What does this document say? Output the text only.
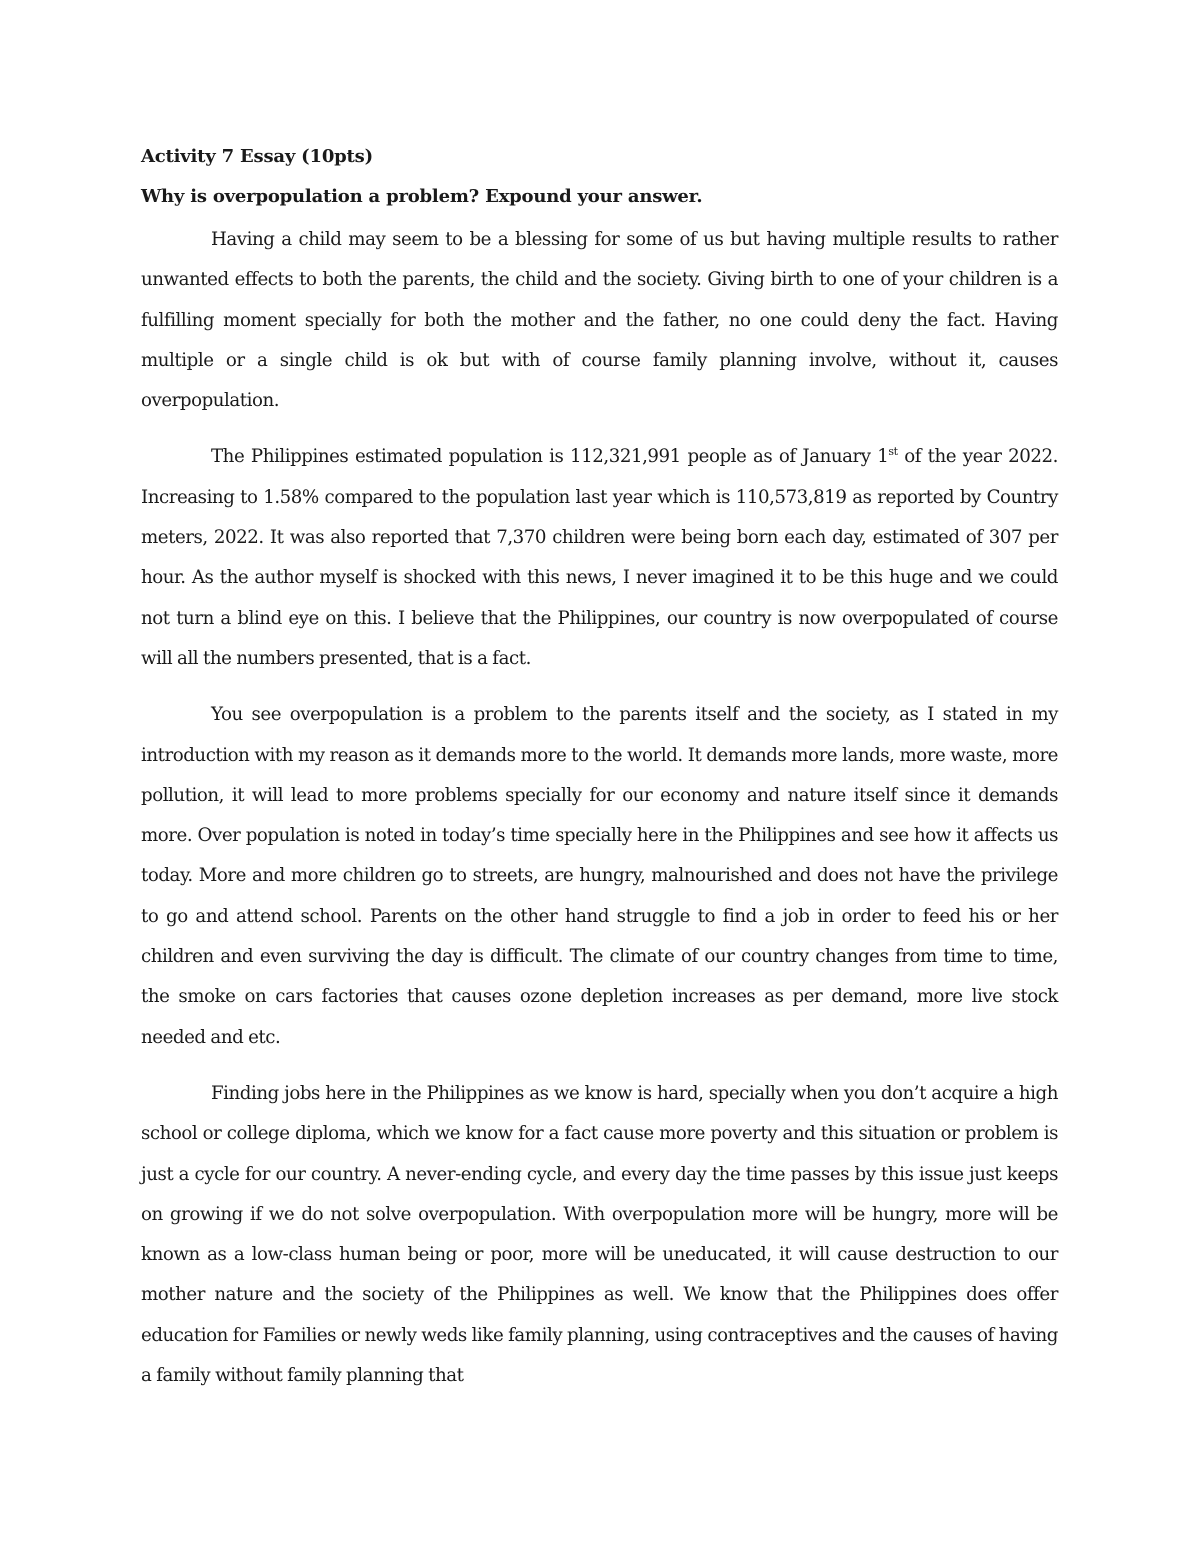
Activity 7 Essay (10pts)

Why is overpopulation a problem? Expound your answer.

Having a child may seem to be a blessing for some of us but having multiple results to rather unwanted effects to both the parents, the child and the society. Giving birth to one of your children is a fulfilling moment specially for both the mother and the father, no one could deny the fact. Having multiple or a single child is ok but with of course family planning involve, without it, causes overpopulation.

The Philippines estimated population is 112,321,991 people as of January 1st of the year 2022. Increasing to 1.58% compared to the population last year which is 110,573,819 as reported by Country meters, 2022. It was also reported that 7,370 children were being born each day, estimated of 307 per hour. As the author myself is shocked with this news, I never imagined it to be this huge and we could not turn a blind eye on this. I believe that the Philippines, our country is now overpopulated of course will all the numbers presented, that is a fact.

You see overpopulation is a problem to the parents itself and the society, as I stated in my introduction with my reason as it demands more to the world. It demands more lands, more waste, more pollution, it will lead to more problems specially for our economy and nature itself since it demands more. Over population is noted in today’s time specially here in the Philippines and see how it affects us today. More and more children go to streets, are hungry, malnourished and does not have the privilege to go and attend school. Parents on the other hand struggle to find a job in order to feed his or her children and even surviving the day is difficult. The climate of our country changes from time to time, the smoke on cars factories that causes ozone depletion increases as per demand, more live stock needed and etc.

Finding jobs here in the Philippines as we know is hard, specially when you don’t acquire a high school or college diploma, which we know for a fact cause more poverty and this situation or problem is just a cycle for our country. A never-ending cycle, and every day the time passes by this issue just keeps on growing if we do not solve overpopulation. With overpopulation more will be hungry, more will be known as a low-class human being or poor, more will be uneducated, it will cause destruction to our mother nature and the society of the Philippines as well. We know that the Philippines does offer education for Families or newly weds like family planning, using contraceptives and the causes of having a family without family planning that
